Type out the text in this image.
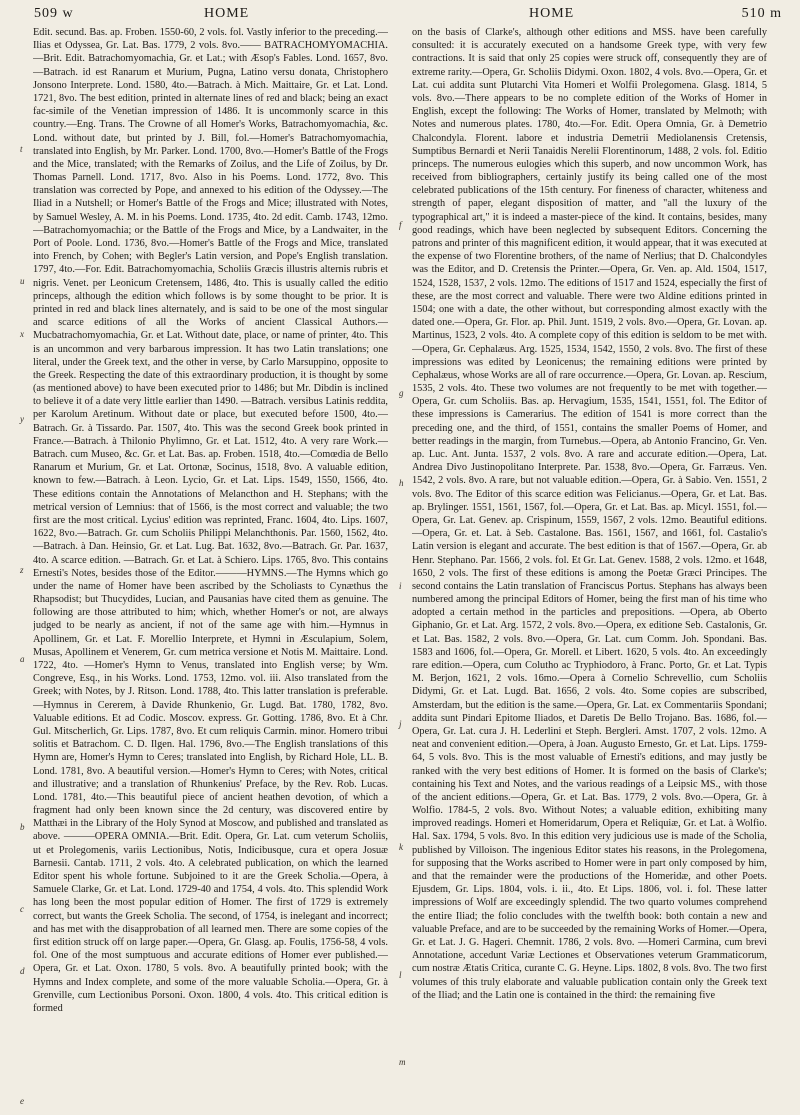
509 w	HOME	HOME	510 m

Edit. secund. Bas. ap. Froben. 1550-60, 2 vols. fol. Vastly inferior to the preceding.—Ilias et Odyssea, Gr. Lat. Bas. 1779, 2 vols. 8vo.—— BATRACHOMYOMACHIA.—Brit. Edit. Batrachomyomachia, Gr. et Lat.; with Æsop's Fables. Lond. 1657, 8vo.—Batrach. id est Ranarum et Murium, Pugna, Latino versu donata, Christophero Jonsono Interprete. Lond. 1580, 4to.—Batrach. à Mich. Maittaire, Gr. et Lat. Lond. 1721, 8vo. The best edition, printed in alternate lines of red and black; being an exact fac-simile of the Venetian impression of 1486. It is uncommonly scarce in this country.—Eng. Trans. The Crowne of all Homer's Works, Batrachomyomachia, &c. Lond. without date, but printed by J. Bill, fol.—Homer's Batrachomyomachia, translated into English, by Mr. Parker. Lond. 1700, 8vo.—Homer's Battle of the Frogs and the Mice, translated; with the Remarks of Zoilus, and the Life of Zoilus, by Dr. Thomas Parnell. Lond. 1717, 8vo. Also in his Poems. Lond. 1772, 8vo. This translation was corrected by Pope, and annexed to his edition of the Odyssey.—The Iliad in a Nutshell; or Homer's Battle of the Frogs and Mice; illustrated with Notes, by Samuel Wesley, A. M. in his Poems. Lond. 1735, 4to. 2d edit. Camb. 1743, 12mo.—Batrachomyomachia; or the Battle of the Frogs and Mice, by a Landwaiter, in the Port of Poole. Lond. 1736, 8vo.—Homer's Battle of the Frogs and Mice, translated into French, by Cohen; with Begler's Latin version, and Pope's English translation. 1797, 4to.—For. Edit. Batrachomyomachia, Scholiis Græcis illustris alternis rubris et nigris. Venet. per Leonicum Cretensem, 1486, 4to. This is usually called the editio princeps, although the edition which follows is by some thought to be prior. It is printed in red and black lines alternately, and is said to be one of the most singular and scarce editions of all the Works of ancient Classical Authors.—Mucbatrachomyomachia, Gr. et Lat. Without date, place, or name of printer, 4to. This is an uncommon and very barbarous impression. It has two Latin translations; one literal, under the Greek text, and the other in verse, by Carlo Marsuppino, opposite to the Greek. Respecting the date of this extraordinary production, it is thought by some (as mentioned above) to have been executed prior to 1486; but Mr. Dibdin is inclined to believe it of a date very little earlier than 1490. —Batrach. versibus Latinis reddita, per Karolum Aretinum. Without date or place, but executed before 1500, 4to.—Batrach. Gr. à Tissardo. Par. 1507, 4to. This was the second Greek book printed in France.—Batrach. à Thilonio Phylimno, Gr. et Lat. 1512, 4to. A very rare Work.—Batrach. cum Museo, &c. Gr. et Lat. Bas. ap. Froben. 1518, 4to.—Comœdia de Bello Ranarum et Murium, Gr. et Lat. Ortonæ, Socinus, 1518, 8vo. A valuable edition, known to few.—Batrach. à Leon. Lycio, Gr. et Lat. Lips. 1549, 1550, 1566, 4to. These editions contain the Annotations of Melancthon and H. Stephans; with the metrical version of Lemnius: that of 1566, is the most correct and valuable; the two first are the most critical. Lycius' edition was reprinted, Franc. 1604, 4to. Lips. 1607, 1622, 8vo.—Batrach. Gr. cum Scholiis Philippi Melanchthonis. Par. 1560, 1562, 4to.—Batrach. à Dan. Heinsio, Gr. et Lat. Lug. Bat. 1632, 8vo.—Batrach. Gr. Par. 1637, 4to. A scarce edition. —Batrach. Gr. et Lat. à Schiero. Lips. 1765, 8vo. This contains Ernesti's Notes, besides those of the Editor.———HYMNS.—The Hymns which go under the name of Homer have been ascribed by the Scholiasts to Cynæthus the Rhapsodist; but Thucydides, Lucian, and Pausanias have cited them as genuine. The following are those attributed to him; which, whether Homer's or not, are always judged to be nearly as ancient, if not of the same age with him.—Hymnus in Apollinem, Gr. et Lat. F. Morellio Interprete, et Hymni in Æsculapium, Solem, Musas, Apollinem et Venerem, Gr. cum metrica versione et Notis M. Maittaire. Lond. 1722, 4to. —Homer's Hymn to Venus, translated into English verse; by Wm. Congreve, Esq., in his Works. Lond. 1753, 12mo. vol. iii. Also translated from the Greek; with Notes, by J. Ritson. Lond. 1788, 4to. This latter translation is preferable.—Hymnus in Cererem, à Davide Rhunkenio, Gr. Lugd. Bat. 1780, 1782, 8vo. Valuable editions. Et ad Codic. Moscov. express. Gr. Gotting. 1786, 8vo. Et à Chr. Gul. Mitscherlich, Gr. Lips. 1787, 8vo. Et cum reliquis Carmin. minor. Homero tribui solitis et Batrachom. C. D. Ilgen. Hal. 1796, 8vo.—The English translations of this Hymn are, Homer's Hymn to Ceres; translated into English, by Richard Hole, LL. B. Lond. 1781, 8vo. A beautiful version.—Homer's Hymn to Ceres; with Notes, critical and illustrative; and a translation of Rhunkenius' Preface, by the Rev. Rob. Lucas. Lond. 1781, 4to.—This beautiful piece of ancient heathen devotion, of which a fragment had only been known since the 2d century, was discovered entire by Matthæi in the Library of the Holy Synod at Moscow, and published and translated as above. ———OPERA OMNIA.—Brit. Edit. Opera, Gr. Lat. cum veterum Scholiis, ut et Prolegomenis, variis Lectionibus, Notis, Indicibusque, cura et opera Josuæ Barnesii. Cantab. 1711, 2 vols. 4to. A celebrated publication, on which the learned Editor spent his whole fortune. Subjoined to it are the Greek Scholia.—Opera, à Samuele Clarke, Gr. et Lat. Lond. 1729-40 and 1754, 4 vols. 4to. This splendid Work has long been the most popular edition of Homer. The first of 1729 is extremely correct, but wants the Greek Scholia. The second, of 1754, is inelegant and incorrect; and has met with the disapprobation of all learned men. There are some copies of the first edition struck off on large paper.—Opera, Gr. Glasg. ap. Foulis, 1756-58, 4 vols. fol. One of the most sumptuous and accurate editions of Homer ever published.—Opera, Gr. et Lat. Oxon. 1780, 5 vols. 8vo. A beautifully printed book; with the Hymns and Index complete, and some of the more valuable Scholia.—Opera, Gr. à Grenville, cum Lectionibus Porsoni. Oxon. 1800, 4 vols. 4to. This critical edition is formed

on the basis of Clarke's, although other editions and MSS. have been carefully consulted: it is accurately executed on a handsome Greek type, with very few contractions. It is said that only 25 copies were struck off, consequently they are of extreme rarity.—Opera, Gr. Scholiis Didymi. Oxon. 1802, 4 vols. 8vo.—Opera, Gr. et Lat. cui addita sunt Plutarchi Vita Homeri et Wolfii Prolegomena. Glasg. 1814, 5 vols. 8vo.—There appears to be no complete edition of the Works of Homer in English, except the following: The Works of Homer, translated by Melmoth; with Notes and numerous plates. 1780, 4to.—For. Edit. Opera Omnia, Gr. à Demetrio Chalcondyla. Florent. labore et industria Demetrii Mediolanensis Cretensis, Sumptibus Bernardi et Nerii Tanaidis Nerelii Florentinorum, 1488, 2 vols. fol. Editio princeps. The numerous eulogies which this superb, and now uncommon Work, has received from bibliographers, certainly justify its being called one of the most celebrated publications of the 15th century. For fineness of character, whiteness and strength of paper, elegant disposition of matter, and "all the luxury of the typographical art," it is indeed a master-piece of the kind. It contains, besides, many good readings, which have been neglected by subsequent Editors. Concerning the patrons and printer of this magnificent edition, it would appear, that it was executed at the expense of two Florentine brothers, of the name of Nerlius; that D. Chalcondyles was the Editor, and D. Cretensis the Printer.—Opera, Gr. Ven. ap. Ald. 1504, 1517, 1524, 1528, 1537, 2 vols. 12mo. The editions of 1517 and 1524, especially the first of these, are the most correct and valuable. There were two Aldine editions printed in 1504; one with a date, the other without, but corresponding almost exactly with the dated one.—Opera, Gr. Flor. ap. Phil. Junt. 1519, 2 vols. 8vo.—Opera, Gr. Lovan. ap. Martinus, 1523, 2 vols. 4to. A complete copy of this edition is seldom to be met with.—Opera, Gr. Cephalæus. Arg. 1525, 1534, 1542, 1550, 2 vols. 8vo. The first of these impressions was edited by Leonicenus; the remaining editions were printed by Cephalæus, whose Works are all of rare occurrence.—Opera, Gr. Lovan. ap. Rescium, 1535, 2 vols. 4to. These two volumes are not frequently to be met with together.—Opera, Gr. cum Scholiis. Bas. ap. Hervagium, 1535, 1541, 1551, fol. The Editor of these impressions is Camerarius. The edition of 1541 is more correct than the preceding one, and the third, of 1551, contains the smaller Poems of Homer, and better readings in the margin, from Turnebus.—Opera, ab Antonio Francino, Gr. Ven. ap. Luc. Ant. Junta. 1537, 2 vols. 8vo. A rare and accurate edition.—Opera, Lat. Andrea Divo Justinopolitano Interprete. Par. 1538, 8vo.—Opera, Gr. Farræus. Ven. 1542, 2 vols. 8vo. A rare, but not valuable edition.—Opera, Gr. à Sabio. Ven. 1551, 2 vols. 8vo. The Editor of this scarce edition was Felicianus.—Opera, Gr. et Lat. Bas. ap. Brylinger. 1551, 1561, 1567, fol.—Opera, Gr. et Lat. Bas. ap. Micyl. 1551, fol.—Opera, Gr. Lat. Genev. ap. Crispinum, 1559, 1567, 2 vols. 12mo. Beautiful editions.—Opera, Gr. et. Lat. à Seb. Castalone. Bas. 1561, 1567, and 1661, fol. Castalio's Latin version is elegant and accurate. The best edition is that of 1567.—Opera, Gr. ab Henr. Stephano. Par. 1566, 2 vols. fol. Et Gr. Lat. Genev. 1588, 2 vols. 12mo. et 1648, 1650, 2 vols. The first of these editions is among the Poetæ Græci Principes. The second contains the Latin translation of Franciscus Portus. Stephans has always been numbered among the principal Editors of Homer, being the first man of his time who adopted a certain method in the particles and prepositions. —Opera, ab Oberto Giphanio, Gr. et Lat. Arg. 1572, 2 vols. 8vo.—Opera, ex editione Seb. Castalonis, Gr. et Lat. Bas. 1582, 2 vols. 8vo.—Opera, Gr. Lat. cum Comm. Joh. Spondani. Bas. 1583 and 1606, fol.—Opera, Gr. Morell. et Libert. 1620, 5 vols. 4to. An exceedingly rare edition.—Opera, cum Colutho ac Tryphiodoro, à Franc. Porto, Gr. et Lat. Typis M. Berjon, 1621, 2 vols. 16mo.—Opera à Cornelio Schrevellio, cum Scholiis Didymi, Gr. et Lat. Lugd. Bat. 1656, 2 vols. 4to. Some copies are subscribed, Amsterdam, but the edition is the same.—Opera, Gr. Lat. ex Commentariis Spondani; addita sunt Pindari Epitome Iliados, et Daretis De Bello Trojano. Bas. 1686, fol.—Opera, Gr. Lat. cura J. H. Lederlini et Steph. Bergleri. Amst. 1707, 2 vols. 12mo. A neat and convenient edition.—Opera, à Joan. Augusto Ernesto, Gr. et Lat. Lips. 1759-64, 5 vols. 8vo. This is the most valuable of Ernesti's editions, and may justly be ranked with the very best editions of Homer. It is formed on the basis of Clarke's; containing his Text and Notes, and the various readings of a Leipsic MS., with those of the ancient editions.—Opera, Gr. et Lat. Bas. 1779, 2 vols. 8vo.—Opera, Gr. à Wolfio. 1784-5, 2 vols. 8vo. Without Notes; a valuable edition, exhibiting many improved readings. Homeri et Homeridarum, Opera et Reliquiæ, Gr. et Lat. à Wolfio. Hal. Sax. 1794, 5 vols. 8vo. In this edition very judicious use is made of the Scholia, published by Villoison. The ingenious Editor states his reasons, in the Prolegomena, for supposing that the Works ascribed to Homer were in part only composed by him, and that the remainder were the productions of the Homeridæ, and other Poets. Ejusdem, Gr. Lips. 1804, vols. i. ii., 4to. Et Lips. 1806, vol. i. fol. These latter impressions of Wolf are exceedingly splendid. The two quarto volumes comprehend the entire Iliad; the folio concludes with the twelfth book: both contain a new and valuable Preface, and are to be succeeded by the remaining Works of Homer.—Opera, Gr. et Lat. J. G. Hageri. Chemnit. 1786, 2 vols. 8vo. —Homeri Carmina, cum brevi Annotatione, accedunt Variæ Lectiones et Observationes veterum Grammaticorum, cum nostræ Ætatis Critica, curante C. G. Heyne. Lips. 1802, 8 vols. 8vo. The two first volumes of this truly elaborate and valuable publication contain only the Greek text of the Iliad; and the Latin one is contained in the third: the remaining five

t
u
x
y
z
a
b
c
d
e
f
g
h
i
j
k
l
m
